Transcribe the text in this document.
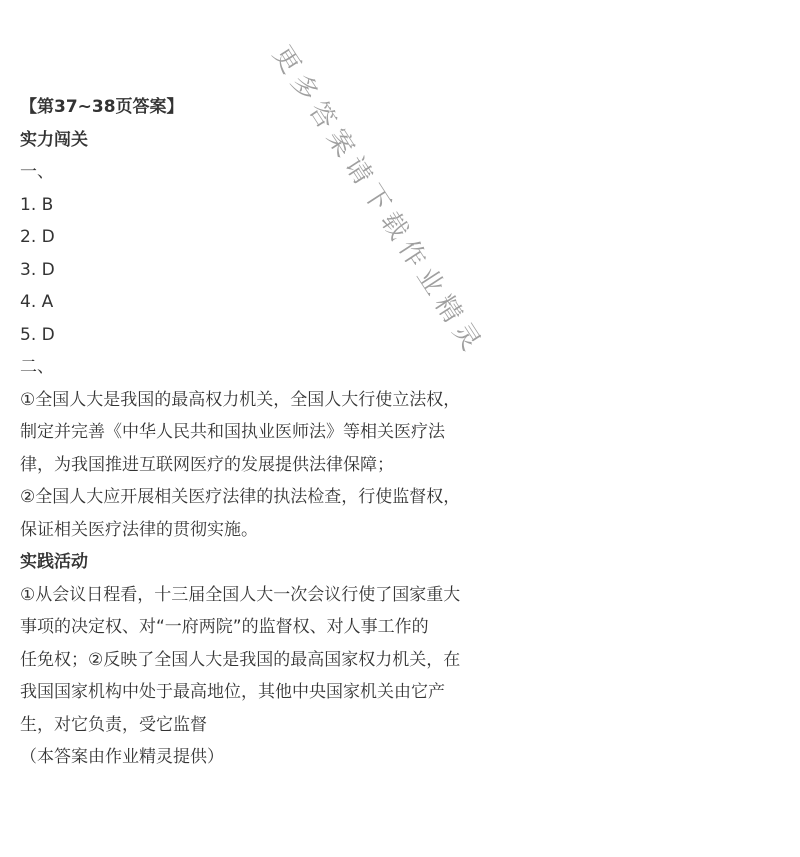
更多答案请下载作业精灵
【第37~38页答案】
实力闯关
一、
1. B
2. D
3. D
4. A
5. D
二、
①全国人大是我国的最高权力机关，全国人大行使立法权，
制定并完善《中华人民共和国执业医师法》等相关医疗法
律，为我国推进互联网医疗的发展提供法律保障；
②全国人大应开展相关医疗法律的执法检查，行使监督权，
保证相关医疗法律的贯彻实施。
实践活动
①从会议日程看，十三届全国人大一次会议行使了国家重大
事项的决定权、对“一府两院”的监督权、对人事工作的
任免权；②反映了全国人大是我国的最高国家权力机关，在
我国国家机构中处于最高地位，其他中央国家机关由它产
生，对它负责，受它监督
（本答案由作业精灵提供）
